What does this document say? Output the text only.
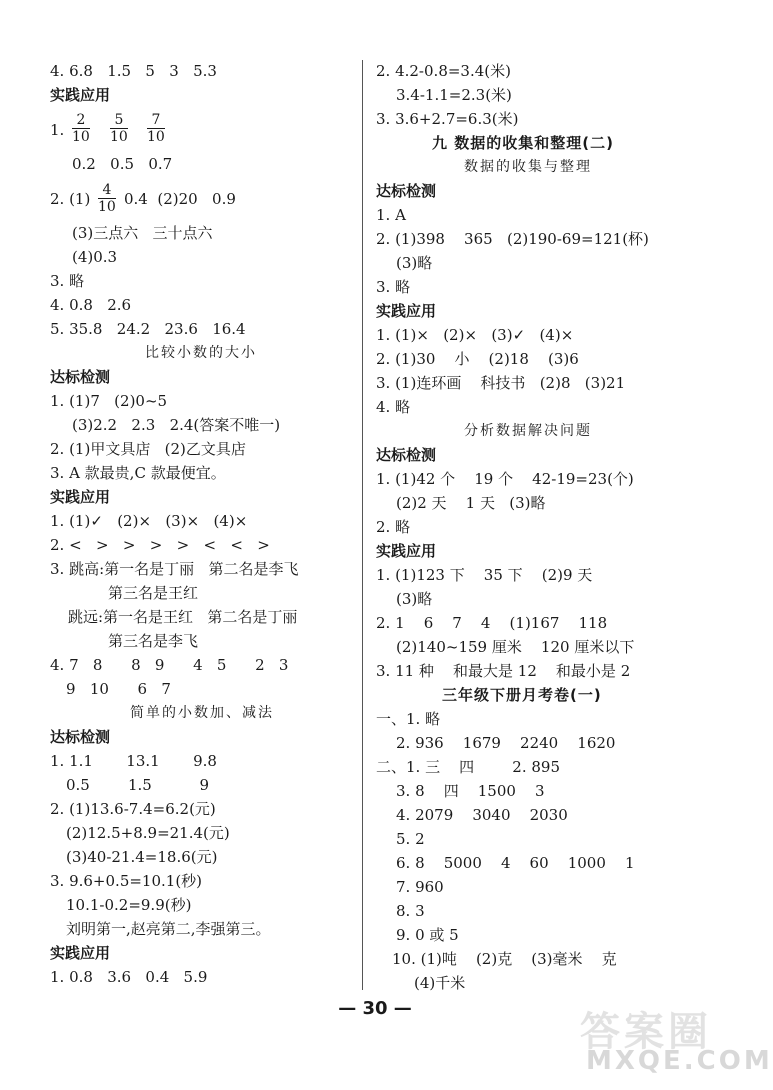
4. 6.8   1.5   5   3   5.3
实践应用
1. $\frac{2}{10} \frac{5}{10} \frac{7}{10}$
0.2   0.5   0.7
2. $(1) \frac{4}{10} 0.4$  (2)20   0.9
(3)三点六   三十点六
(4)0.3
3. 略
4. 0.8   2.6
5. 35.8   24.2   23.6   16.4
比较小数的大小
达标检测
1. (1)7   (2)0~5
(3)2.2   2.3   2.4(答案不唯一)
2. (1)甲文具店   (2)乙文具店
3. A 款最贵,C 款最便宜。
实践应用
1. (1)✓   (2)×   (3)×   (4)×
2. <   >   >   >   >   <   <   >
3. 跳高:第一名是丁丽   第二名是李飞
第三名是王红
跳远:第一名是王红   第二名是丁丽
第三名是李飞
4. 7   8      8   9      4   5      2   3
9   10      6   7
简单的小数加、减法
达标检测
1. 1.1       13.1       9.8
0.5        1.5          9
2. (1)13.6-7.4=6.2(元)
(2)12.5+8.9=21.4(元)
(3)40-21.4=18.6(元)
3. 9.6+0.5=10.1(秒)
10.1-0.2=9.9(秒)
刘明第一,赵亮第二,李强第三。
实践应用
1. 0.8   3.6   0.4   5.9
2. 4.2-0.8=3.4(米)
3.4-1.1=2.3(米)
3. 3.6+2.7=6.3(米)
九 数据的收集和整理(二)
数据的收集与整理
达标检测
1. A
2. (1)398    365   (2)190-69=121(杯)
(3)略
3. 略
实践应用
1. (1)×   (2)×   (3)✓   (4)×
2. (1)30    小    (2)18    (3)6
3. (1)连环画    科技书   (2)8   (3)21
4. 略
分析数据解决问题
达标检测
1. (1)42 个    19 个    42-19=23(个)
(2)2 天    1 天   (3)略
2. 略
实践应用
1. (1)123 下    35 下    (2)9 天
(3)略
2. 1    6    7    4    (1)167    118
(2)140~159 厘米    120 厘米以下
3. 11 种    和最大是 12    和最小是 2
三年级下册月考卷(一)
一、1. 略
2. 936    1679    2240    1620
二、1. 三    四        2. 895
3. 8    四    1500    3
4. 2079    3040    2030
5. 2
6. 8    5000    4    60    1000    1
7. 960
8. 3
9. 0 或 5
10. (1)吨    (2)克    (3)毫米    克
(4)千米
— 30 —
答案圈
MXQE.COM
